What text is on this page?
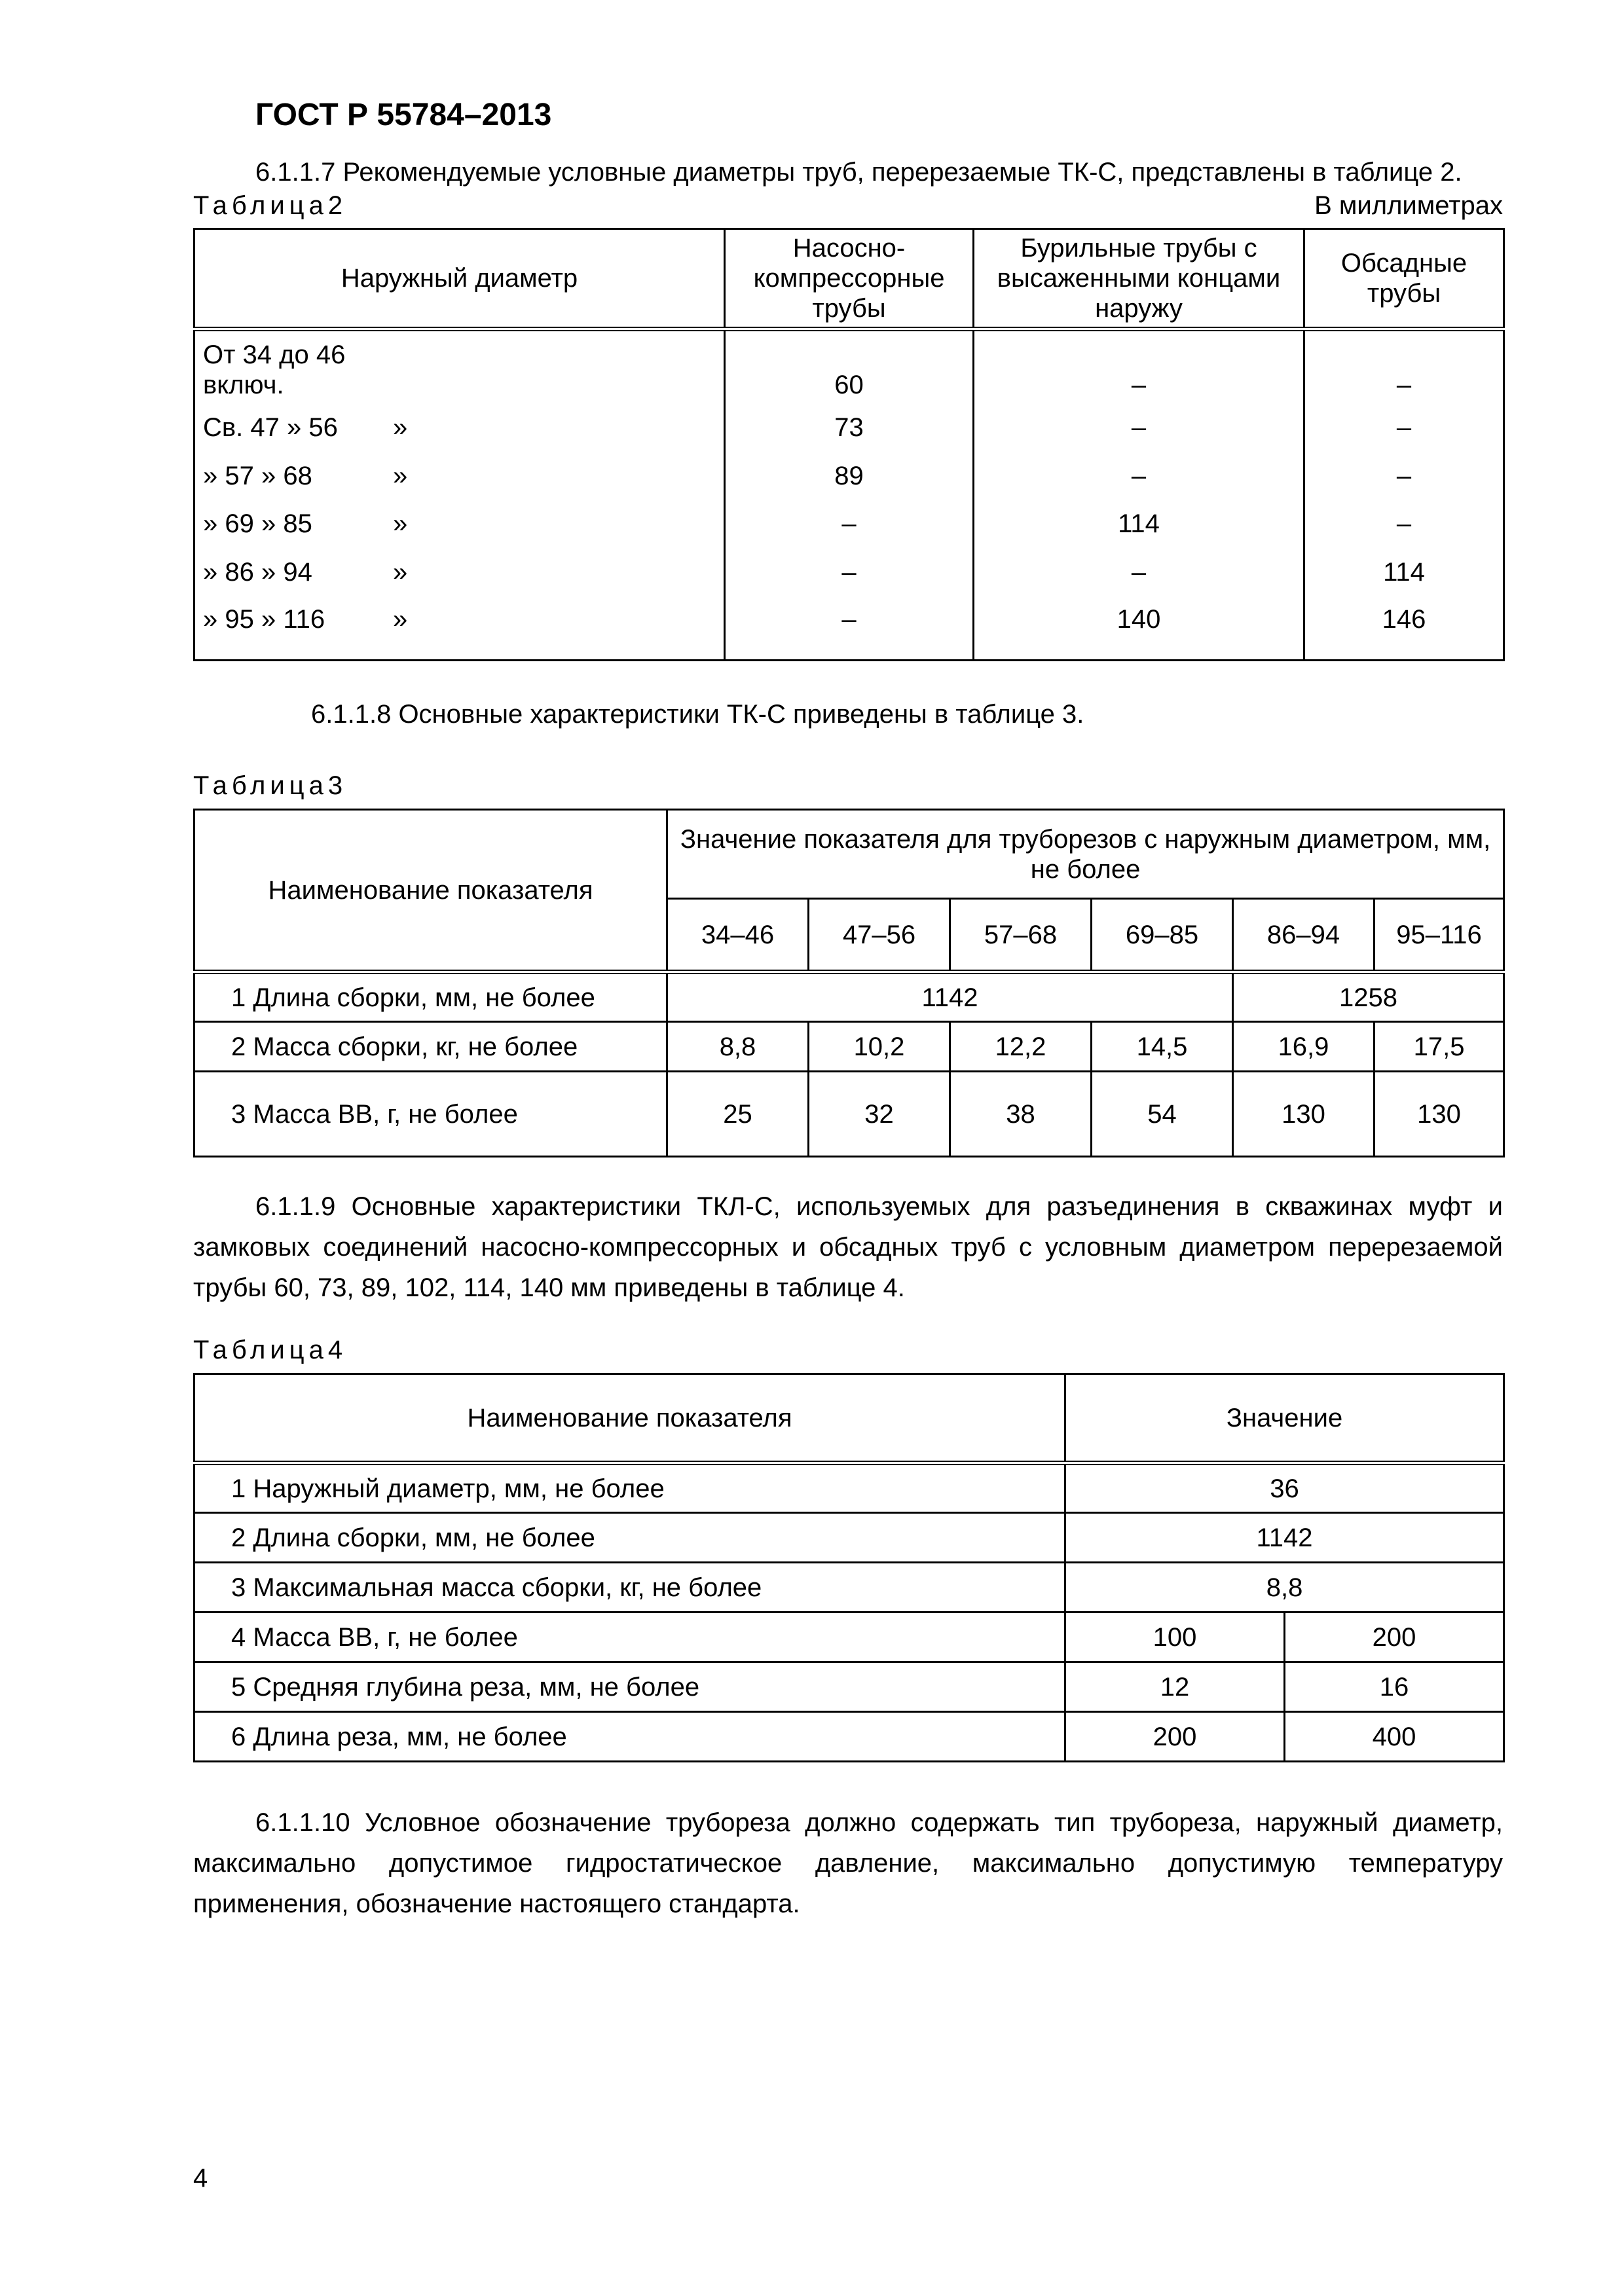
ГОСТ Р 55784–2013
6.1.1.7 Рекомендуемые условные диаметры труб, перерезаемые ТК-С, представлены в таблице 2.
Таблица2	В миллиметрах
Наружный диаметр	Насосно-компрессорные трубы	Бурильные трубы с высаженными концами наружу	Обсадные трубы
От 34 до 46 включ.	60	–	–
Св. 47 » 56 »	73	–	–
» 57 » 68 »	89	–	–
» 69 » 85 »	–	114	–
» 86 » 94 »	–	–	114
» 95 » 116 »	–	140	146
6.1.1.8 Основные характеристики ТК-С приведены в таблице 3.
Таблица3
Наименование показателя	Значение показателя для труборезов с наружным диаметром, мм, не более					
	34–46	47–56	57–68	69–85	86–94	95–116
1 Длина сборки, мм, не более	1142				1258	
2 Масса сборки, кг, не более	8,8	10,2	12,2	14,5	16,9	17,5
3 Масса ВВ, г, не более	25	32	38	54	130	130
6.1.1.9 Основные характеристики ТКЛ-С, используемых для разъединения в скважинах муфт и замковых соединений насосно-компрессорных и обсадных труб с условным диаметром перерезаемой трубы 60, 73, 89, 102, 114, 140 мм приведены в таблице 4.
Таблица4
Наименование показателя	Значение	
1 Наружный диаметр, мм, не более	36	
2 Длина сборки, мм, не более	1142	
3 Максимальная масса сборки, кг, не более	8,8	
4 Масса ВВ, г, не более	100	200
5 Средняя глубина реза, мм, не более	12	16
6 Длина реза, мм, не более	200	400
6.1.1.10 Условное обозначение трубореза должно содержать тип трубореза, наружный диаметр, максимально допустимое гидростатическое давление, максимально допустимую температуру применения, обозначение настоящего стандарта.
4
